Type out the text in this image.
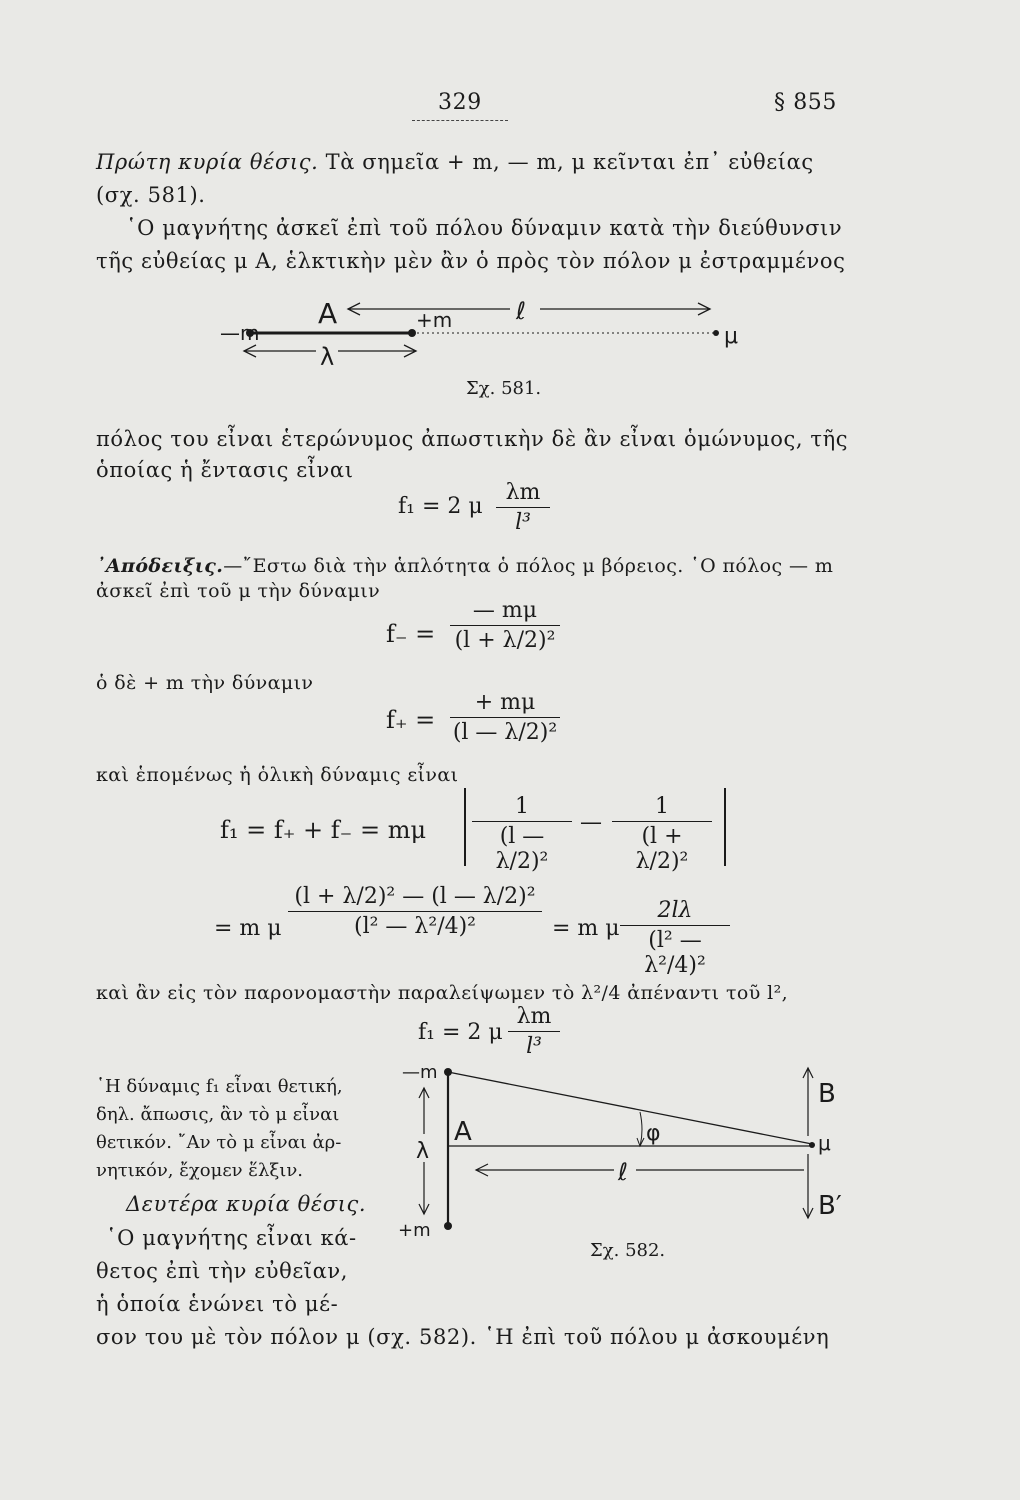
329	§ 855
Πρώτη κυρία θέσις. Τὰ σημεῖα + m, — m, μ κεῖνται ἐπ᾽ εὐθείας
(σχ. 581).
῾Ο μαγνήτης ἀσκεῖ ἐπὶ τοῦ πόλου δύναμιν κατὰ τὴν διεύθυνσιν
τῆς εὐθείας μ Α, ἑλκτικὴν μὲν ἂν ὁ πρὸς τὸν πόλον μ ἐστραμμένος
ℓ
A
—m
+m
μ
λ
Σχ. 581.
πόλος του εἶναι ἑτερώνυμος ἀπωστικὴν δὲ ἂν εἶναι ὁμώνυμος, τῆς
ὁποίας ἡ ἔντασις εἶναι
f₁ = 2 μ
λm
l³
᾿Απόδειξις.—῎Εστω διὰ τὴν ἁπλότητα ὁ πόλος μ βόρειος. ῾Ο πόλος — m
ἀσκεῖ ἐπὶ τοῦ μ τὴν δύναμιν
f₋ =
— mμ
(l + λ/2)²
ὁ δὲ + m τὴν δύναμιν
f₊ =
+ mμ
(l — λ/2)²
καὶ ἑπομένως ἡ ὁλικὴ δύναμις εἶναι
f₁ = f₊ + f₋ = mμ
1
(l — λ/2)²
—
1
(l + λ/2)²
= m μ
(l + λ/2)² — (l — λ/2)²
(l² — λ²/4)²	= m μ
2lλ
(l² — λ²/4)²
καὶ ἂν εἰς τὸν παρονομαστὴν παραλείψωμεν τὸ λ²/4 ἀπέναντι τοῦ l²,
f₁ = 2 μ
λm
l³
῾Η δύναμις f₁ εἶναι θετική,
δηλ. ἄπωσις, ἂν τὸ μ εἶναι
θετικόν. ῎Αν τὸ μ εἶναι ἀρ-
νητικόν, ἔχομεν ἕλξιν.
Δευτέρα κυρία θέσις.
῾Ο μαγνήτης εἶναι κά-
θετος ἐπὶ τὴν εὐθεῖαν,
ἡ ὁποία ἑνώνει τὸ μέ-
σον του μὲ τὸν πόλον μ (σχ. 582). ῾Η ἐπὶ τοῦ πόλου μ ἀσκουμένη
—m
+m
λ
A	μ
φ
ℓ
B
B′
Σχ. 582.
